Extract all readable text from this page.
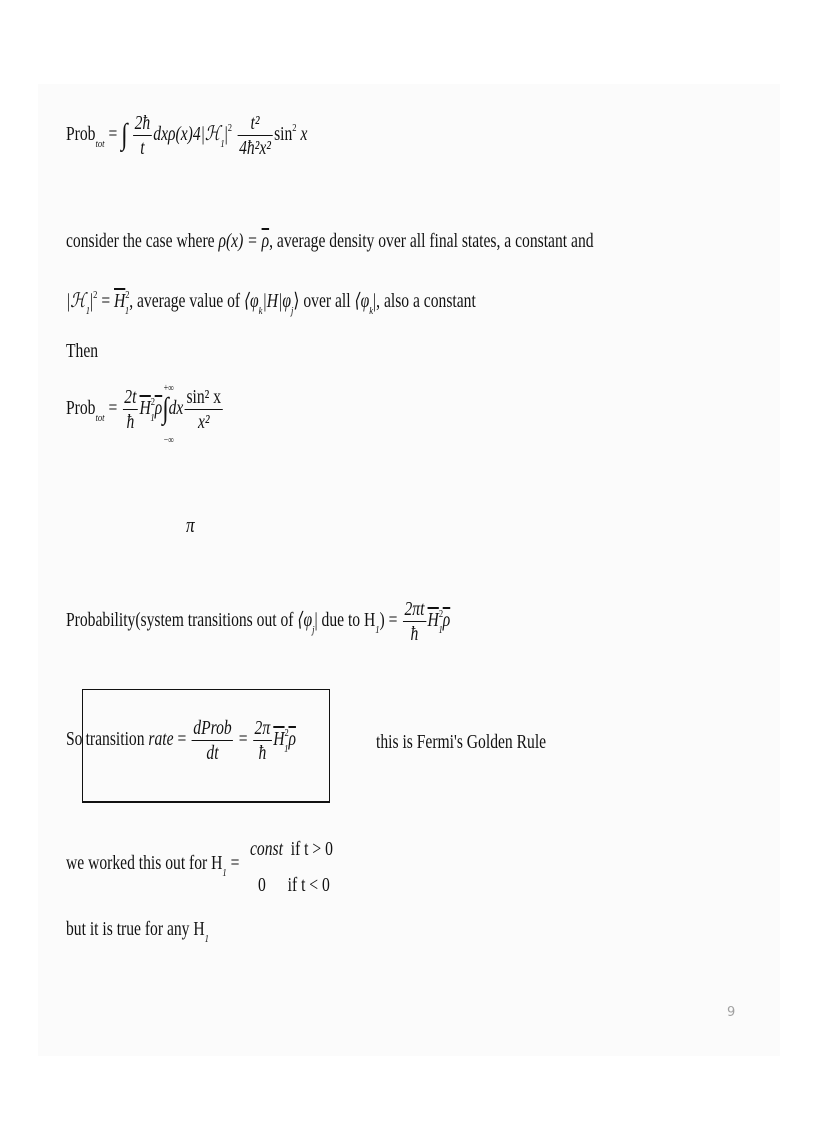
Prob$_{tot}$ = ∫ $\frac{2ħ}{t}$ $dx\rho(x)4|ℋ_1|^2 \frac{\text{t²}}{\text{4ħ²x²}} \sin^2 x$
consider the case where $\rho(x) = \overline{\rho}$, average density over all final states, a constant and
$|ℋ_1|^2 = \overline{H}^2_1$, average value of $⟨\varphi_k|H|\varphi_j⟩$ over all $⟨\varphi_k|$, also a constant
Then
Prob$_{tot}$ = $\frac{2t}{ħ} \overline{H}^2_1\overline{\rho}$
+∞
∫
−∞
dx $\frac{\text{sin² x}}{\text{x²}}$
π
Probability(system transitions out of $⟨\varphi_j|$ due to $H_1) = \frac{2\pi t}{ħ} \overline{H}^2_1\overline{\rho}$
So transition rate = $\frac{\text{dProb}}{dt} = \frac{2\pi}{ħ} \overline{H}^2_1\overline{\rho}$	this is Fermi's Golden Rule
we worked this out for $H_1$ =
const if t > 0
0 if t < 0
but it is true for any $H_1$
9
